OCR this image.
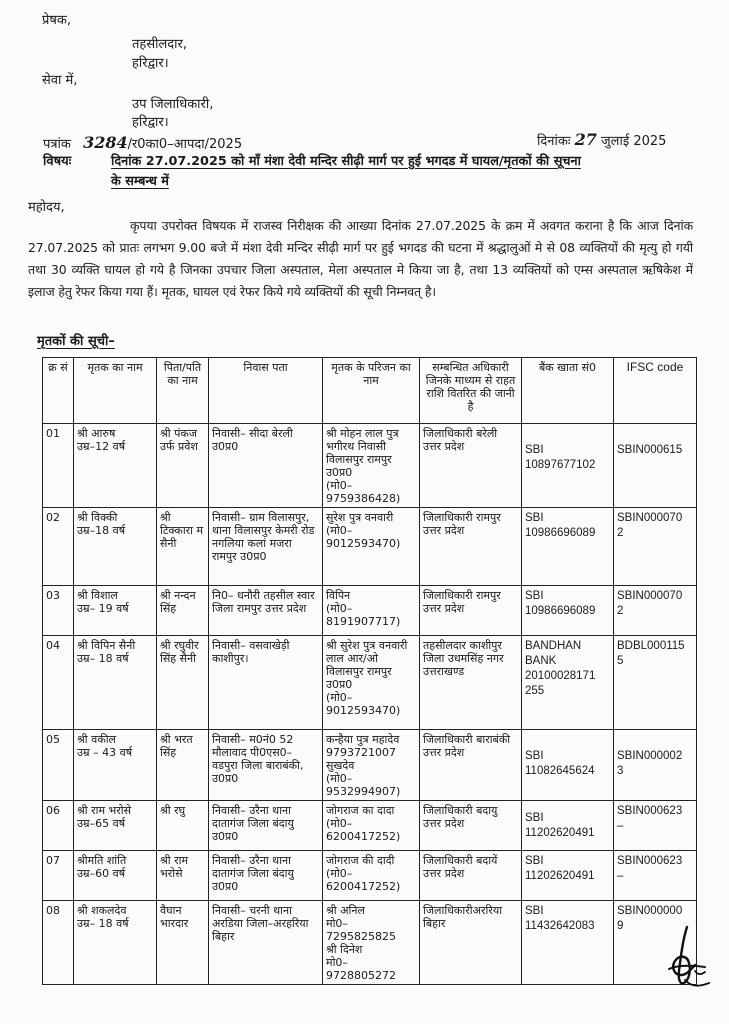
प्रेषक,
तहसीलदार,
हरिद्वार।
सेवा में,
उप जिलाधिकारी,
हरिद्वार।
पत्रांक 3284/र0का0–आपदा/2025	दिनांकः 27 जुलाई 2025
विषयः	दिनांक 27.07.2025 को माँ मंशा देवी मन्दिर सीढ़ी मार्ग पर हुई भगदड में घायल/मृतकों की सूचना
के सम्बन्ध में
महोदय,
कृपया उपरोक्त विषयक में राजस्व निरीक्षक की आख्या दिनांक 27.07.2025 के क्रम में अवगत कराना है कि आज दिनांक 27.07.2025 को प्रातः लगभग 9.00 बजे में मंशा देवी मन्दिर सीढ़ी मार्ग पर हुई भगदड की घटना में श्रद्धालुओं मे से 08 व्यक्तियों की मृत्यु हो गयी तथा 30 व्यक्ति घायल हो गये है जिनका उपचार जिला अस्पताल, मेला अस्पताल मे किया जा है, तथा 13 व्यक्तियों को एम्स अस्पताल ऋषिकेश में इलाज हेतु रेफर किया गया हैं। मृतक, घायल एवं रेफर किये गये व्यक्तियों की सूची निम्नवत् है।
मृतकों की सूची–
क्र सं	मृतक का नाम	पिता/पति का नाम	निवास पता	मृतक के परिजन का नाम	सम्बन्धित अधिकारी जिनके माध्यम से राहत राशि वितरित की जानी है	बैंक खाता सं0	IFSC code
01	श्री आरुष
उम्र–12 वर्ष	श्री पंकज उर्फ प्रवेश	निवासी– सीदा बेरली उ0प्र0	श्री मोहन लाल पुत्र भगीरथ निवासी विलासपुर रामपुर उ0प्र0
(मो0–9759386428)	जिलाधिकारी बरेली उत्तर प्रदेश	SBI
10897677102	SBIN000615
02	श्री विक्की
उम्र–18 वर्ष	श्री टिक्कारा म सैनी	निवासी– ग्राम विलासपुर, थाना विलासपुर केमरी रोड नगलिया कलां मजरा रामपुर उ0प्र0	सुरेश पुत्र वनवारी (मो0–9012593470)	जिलाधिकारी रामपुर उत्तर प्रदेश	SBI
10986696089	SBIN000070
2
03	श्री विशाल
उम्र– 19 वर्ष	श्री नन्दन सिंह	नि0– धनौरी तहसील स्वार जिला रामपुर उत्तर प्रदेश	विपिन
(मो0–
8191907717)	जिलाधिकारी रामपुर उत्तर प्रदेश	SBI
10986696089	SBIN000070
2
04	श्री विपिन सैनी
उम्र– 18 वर्ष	श्री रघुवीर सिंह सैनी	निवासी– वसवाखेड़ी काशीपुर।	श्री सुरेश पुत्र वनवारी लाल आर/ओ विलासपुर रामपुर उ0प्र0
(मो0–9012593470)	तहसीलदार काशीपुर जिला उधमसिंह नगर उत्तराखण्ड	BANDHAN
BANK
20100028171
255	BDBL000115
5
05	श्री वकील
उम्र – 43 वर्ष	श्री भरत सिंह	निवासी– म0नं0 52 मौलावाद पी0एस0– वडपुरा जिला बाराबंकी, उ0प्र0	कन्हैया पुत्र महादेव 9793721007 सुखदेव
(मो0–9532994907)	जिलाधिकारी बाराबंकी उत्तर प्रदेश	SBI
11082645624	SBIN000002
3
06	श्री राम भरोसे
उम्र–65 वर्ष	श्री रघु	निवासी– उरैना थाना दातागंज जिला बंदायु उ0प्र0	जोगराज का दादा (मो0–
6200417252)	जिलाधिकारी बदायु उत्तर प्रदेश	SBI
11202620491	SBIN000623
–
07	श्रीमति शांति
उम्र–60 वर्ष	श्री राम भरोसे	निवासी– उरैना थाना दातागंज जिला बंदायु उ0प्र0	जोगराज की दादी (मो0–
6200417252)	जिलाधिकारी बदायें उत्तर प्रदेश	SBI
11202620491	SBIN000623
–
08	श्री शकलदेव
उम्र– 18 वर्ष	वैघान भारदार	निवासी– चरनी थाना अरडिया जिला–अरहरिया बिहार	श्री अनिल
मो0–7295825825
श्री दिनेश
मो0–9728805272	जिलाधिकारीअररिया बिहार	SBI
11432642083	SBIN000000
9
